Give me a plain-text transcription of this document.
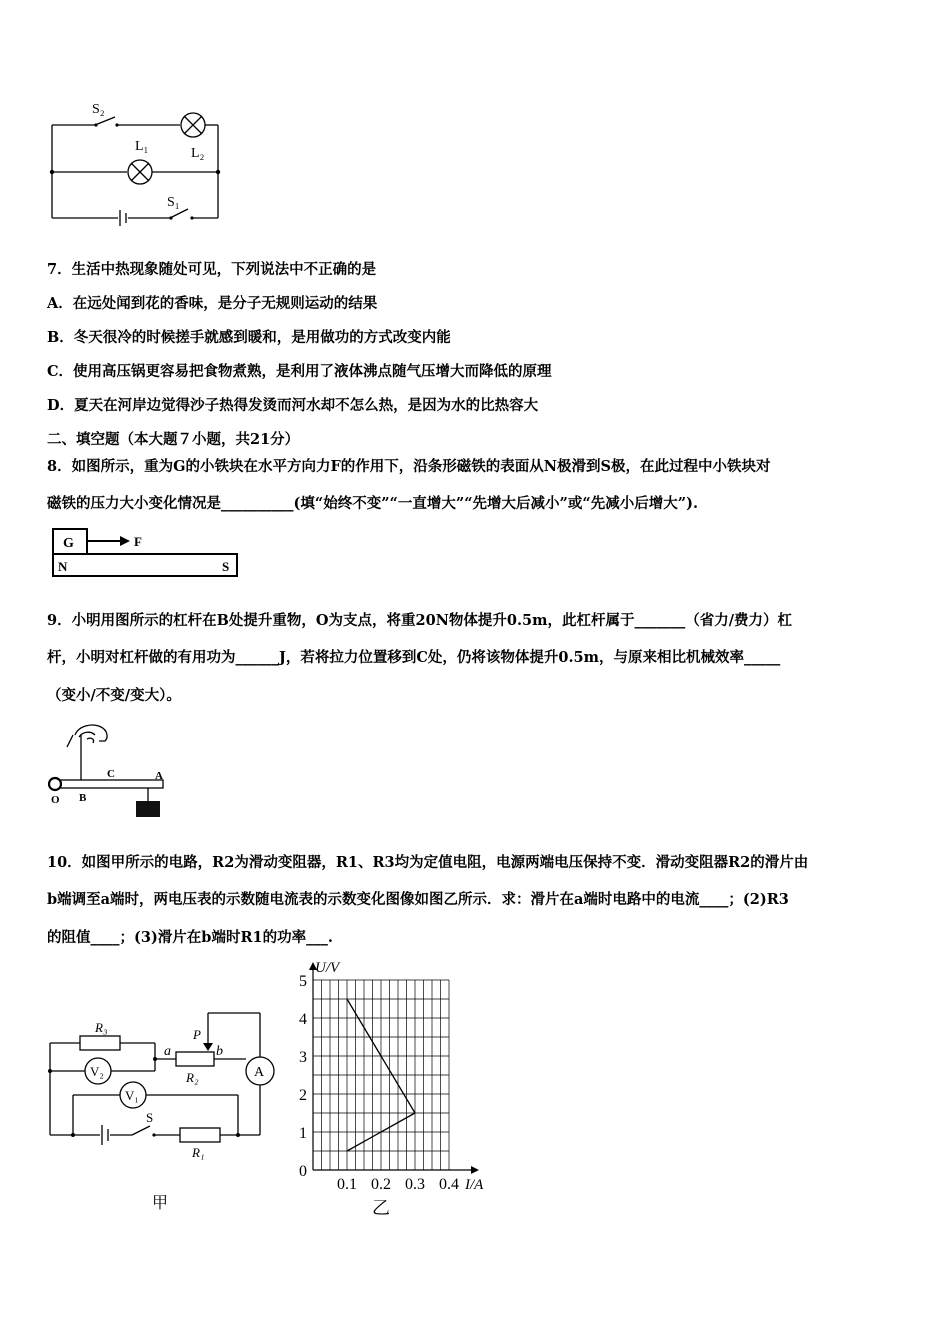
S₂
L₁	L₂
S₁
7．生活中热现象随处可见，下列说法中不正确的是
A．在远处闻到花的香味，是分子无规则运动的结果
B．冬天很冷的时候搓手就感到暖和，是用做功的方式改变内能
C．使用高压锅更容易把食物煮熟，是利用了液体沸点随气压增大而降低的原理
D．夏天在河岸边觉得沙子热得发烫而河水却不怎么热，是因为水的比热容大
二、填空题（本大题７小题，共21分）
8．如图所示，重为G的小铁块在水平方向力F的作用下，沿条形磁铁的表面从N极滑到S极，在此过程中小铁块对
磁铁的压力大小变化情况是__________(填“始终不变”“一直增大”“先增大后减小”或“先减小后增大”).
G	F
N	S
9．小明用图所示的杠杆在B处提升重物，O为支点，将重20N物体提升0.5m，此杠杆属于_______（省力/费力）杠
杆，小明对杠杆做的有用功为______J，若将拉力位置移到C处，仍将该物体提升0.5m，与原来相比机械效率_____
（变小/不变/变大）。
O B
C	A
10．如图甲所示的电路，R2为滑动变阻器，R1、R3均为定值电阻，电源两端电压保持不变．滑动变阻器R2的滑片由
b端调至a端时，两电压表的示数随电流表的示数变化图像如图乙所示．求：滑片在a端时电路中的电流____；(2)R3
的阻值____；(3)滑片在b端时R1的功率___.
R₃	P
a	b
R₂
V₂
V₁
A
S
R₁
甲
0
1
2
3
4
5
0.1 0.2 0.3 0.4
U/V
I/A
乙
